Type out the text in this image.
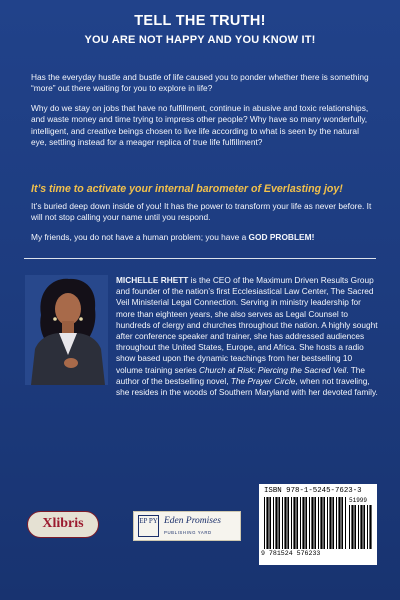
TELL THE TRUTH!
YOU ARE NOT HAPPY AND YOU KNOW IT!
Has the everyday hustle and bustle of life caused you to ponder whether there is something “more” out there waiting for you to explore in life?
Why do we stay on jobs that have no fulfillment, continue in abusive and toxic relationships, and waste money and time trying to impress other people? Why have so many wonderfully, intelligent, and creative beings chosen to live life according to what is seen by the natural eye, settling instead for a meager replica of true life fulfillment?
It’s time to activate your internal barometer of Everlasting joy!
It’s buried deep down inside of you! It has the power to transform your life as never before. It will not stop calling your name until you respond.
My friends, you do not have a human problem; you have a GOD PROBLEM!
MICHELLE RHETT is the CEO of the Maximum Driven Results Group and founder of the nation’s first Ecclesiastical Law Center, The Sacred Veil Ministerial Legal Connection. Serving in ministry leadership for more than eighteen years, she also serves as Legal Counsel to hundreds of clergy and churches throughout the nation. A highly sought after conference speaker and trainer, she has addressed audiences throughout the United States, Europe, and Africa. She hosts a radio show based upon the dynamic teachings from her bestselling 10 volume training series Church at Risk: Piercing the Sacred Veil. The author of the bestselling novel, The Prayer Circle, when not traveling, she resides in the woods of Southern Maryland with her devoted family.
Xlibris	EP PY Eden Promises
PUBLISHING YARD
ISBN 978-1-5245-7623-3
51999
9 781524 576233
